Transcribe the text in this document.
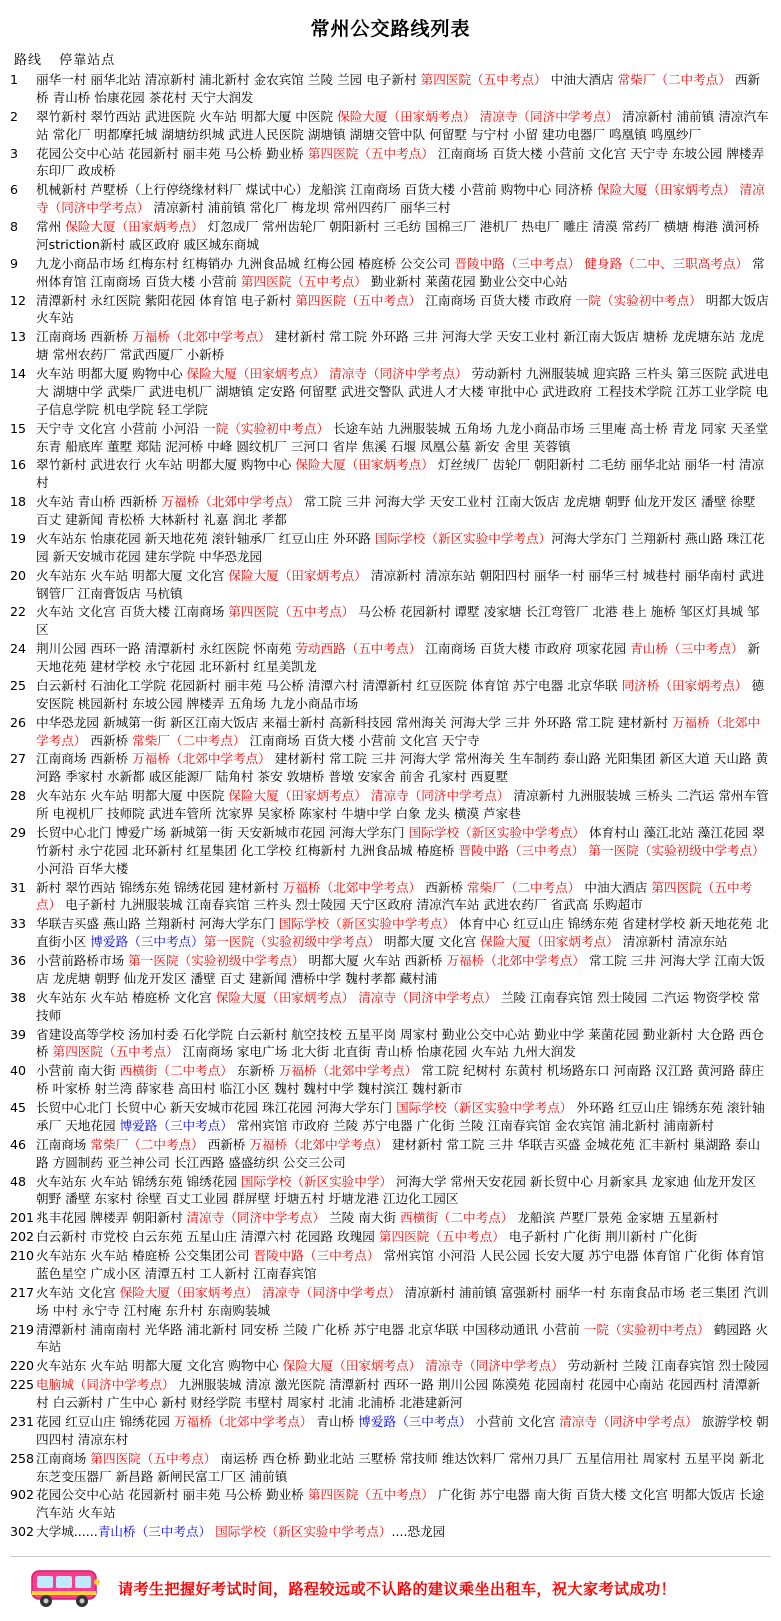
常州公交路线列表
路线 停靠站点
1	丽华一村 丽华北站 清凉新村 浦北新村 金农宾馆 兰陵 兰园 电子新村 第四医院（五中考点） 中油大酒店 常柴厂（二中考点） 西新桥 青山桥 怡康花园 茶花村 天宁大润发
2	翠竹新村 翠竹西站 武进医院 火车站 明都大厦 中医院 保险大厦（田家炳考点） 清凉寺（同济中学考点） 清凉新村 浦前镇 清凉汽车站 常化厂 明都摩托城 湖塘纺织城 武进人民医院 湖塘镇 湖塘交管中队 何留墅 与宁村 小留 建功电器厂 鸣凰镇 鸣凰纱厂
3	花园公交中心站 花园新村 丽丰苑 马公桥 勤业桥 第四医院（五中考点） 江南商场 百货大楼 小营前 文化宫 天宁寺 东坡公园 牌楼弄 东印厂 政成桥
6	机械新村 芦墅桥（上行停绕缘材料厂 煤试中心）龙船滨 江南商场 百货大楼 小营前 购物中心 同济桥 保险大厦（田家炳考点） 清凉寺（同济中学考点） 清凉新村 浦前镇 常化厂 梅龙坝 常州四药厂 丽华三村
8	常州 保险大厦（田家炳考点） 灯忽成厂 常州齿轮厂 朝阳新村 三毛纺 国棉三厂 港机厂 热电厂 雕庄 清漠 常药厂 横塘 梅港 潢河桥 河striction新村 戚区政府 戚区城东商城
9	九龙小商品市场 红梅东村 红梅销办 九洲食品城 红梅公园 椿庭桥 公交公司 晋陵中路（三中考点） 健身路（二中、三职高考点） 常州体育馆 江南商场 百货大楼 小营前 第四医院（五中考点） 勤业新村 莱菌花园 勤业公交中心站
12	清潭新村 永红医院 紫阳花园 体育馆 电子新村 第四医院（五中考点） 江南商场 百货大楼 市政府 一院（实验初中考点） 明都大饭店 火车站
13	江南商场 西新桥 万福桥（北郊中学考点） 建材新村 常工院 外环路 三井 河海大学 天安工业村 新江南大饭店 塘桥 龙虎塘东站 龙虎塘 常州农药厂 常武西厦厂 小新桥
14	火车站 明都大厦 购物中心 保险大厦（田家炳考点） 清凉寺（同济中学考点） 劳动新村 九洲服装城 迎宾路 三杵头 第三医院 武进电大 湖塘中学 武柴厂 武进电机厂 湖塘镇 定安路 何留墅 武进交警队 武进人才大楼 审批中心 武进政府 工程技术学院 江苏工业学院 电子信息学院 机电学院 轻工学院
15	天宁寺 文化宫 小营前 小河沿 一院（实验初中考点） 长途车站 九洲服装城 五角场 九龙小商品市场 三里庵 高士桥 青龙 同家 天圣堂 东青 船底库 董墅 郑陆 泥河桥 中峰 圆纹机厂 三河口 省岸 焦溪 石堰 凤凰公墓 新安 舍里 芙蓉镇
16	翠竹新村 武进农行 火车站 明都大厦 购物中心 保险大厦（田家炳考点） 灯丝绒厂 齿轮厂 朝阳新村 二毛纺 丽华北站 丽华一村 清凉村
18	火车站 青山桥 西新桥 万福桥（北郊中学考点） 常工院 三井 河海大学 天安工业村 江南大饭店 龙虎塘 朝野 仙龙开发区 潘壁 徐墅 百丈 建新闻 青松桥 大林新村 礼嘉 润北 孝都
19	火车站东 怡康花园 新天地花苑 滚针轴承厂 红豆山庄 外环路 国际学校（新区实验中学考点）河海大学东门 兰翔新村 燕山路 珠江花园 新天安城市花园 建东学院 中华恐龙园
20	火车站东 火车站 明都大厦 文化宫 保险大厦（田家炳考点） 清凉新村 清凉东站 朝阳四村 丽华一村 丽华三村 城巷村 丽华南村 武进钢管厂 江南膏饭店 马杭镇
22	火车站 文化宫 百货大楼 江南商场 第四医院（五中考点） 马公桥 花园新村 谭墅 凌家塘 长江弯管厂 北港 巷上 施桥 邹区灯具城 邹区
24	荆川公园 西环一路 清潭新村 永红医院 怀南苑 劳动西路（五中考点） 江南商场 百货大楼 市政府 项家花园 青山桥（三中考点） 新天地花苑 建材学校 永宁花园 北环新村 红星美凯龙
25	白云新村 石油化工学院 花园新村 丽丰苑 马公桥 清潭六村 清潭新村 红豆医院 体育馆 苏宁电器 北京华联 同济桥（田家炳考点） 德安医院 桃园新村 东坡公园 牌楼弄 五角场 九龙小商品市场
26	中华恐龙园 新城第一街 新区江南大饭店 来福士新村 高新科技园 常州海关 河海大学 三井 外环路 常工院 建材新村 万福桥（北郊中学考点） 西新桥 常柴厂（二中考点） 江南商场 百货大楼 小营前 文化宫 天宁寺
27	江南商场 西新桥 万福桥（北郊中学考点） 建材新村 常工院 三井 河海大学 常州海关 生车制药 泰山路 光阳集团 新区大道 天山路 黄河路 季家村 水新都 戚区能源厂 陆角村 茶安 敦塘桥 普墩 安家舍 前舍 孔家村 西夏墅
28	火车站东 火车站 明都大厦 中医院 保险大厦（田家炳考点） 清凉寺（同济中学考点） 清凉新村 九洲服装城 三桥头 二汽运 常州车管所 电视机厂 技师院 武进车管所 沈家界 吴家桥 陈家村 牛塘中学 白象 龙头 横漠 芦家巷
29	长贸中心北门 博爱广场 新城第一街 天安新城市花园 河海大学东门 国际学校（新区实验中学考点） 体育村山 藻江北站 藻江花园 翠竹新村 永宁花园 北环新村 红星集团 化工学校 红梅新村 九洲食品城 椿庭桥 晋陵中路（三中考点） 第一医院（实验初级中学考点） 小河沿 百华大楼
31	新村 翠竹西站 锦绣东苑 锦绣花园 建材新村 万福桥（北郊中学考点） 西新桥 常柴厂（二中考点） 中油大酒店 第四医院（五中考点） 电子新村 九洲服装城 江南春宾馆 三杵头 烈士陵园 天宁区政府 清凉汽车站 武进农药厂 省武高 乐购超市
33	华联吉买盛 燕山路 兰翔新村 河海大学东门 国际学校（新区实验中学考点） 体育中心 红豆山庄 锦绣东苑 省建材学校 新天地花苑 北直街小区 博爱路（三中考点）第一医院（实验初级中学考点） 明都大厦 文化宫 保险大厦（田家炳考点） 清凉新村 清凉东站
36	小营前路桥市场 第一医院（实验初级中学考点） 明都大厦 火车站 西新桥 万福桥（北郊中学考点） 常工院 三井 河海大学 江南大饭店 龙虎塘 朝野 仙龙开发区 潘壁 百丈 建新闻 漕桥中学 魏村孝都 藏村浦
38	火车站东 火车站 椿庭桥 文化宫 保险大厦（田家炳考点） 清凉寺（同济中学考点） 兰陵 江南春宾馆 烈士陵园 二汽运 物资学校 常技师
39	省建设高等学校 汤加村委 石化学院 白云新村 航空技校 五星平岗 周家村 勤业公交中心站 勤业中学 莱菌花园 勤业新村 大仓路 西仓桥 第四医院（五中考点） 江南商场 家电广场 北大街 北直街 青山桥 怡康花园 火车站 九州大润发
40	小营前 南大街 西横街（二中考点） 东新桥 万福桥（北郊中学考点） 常工院 纪树村 东黄村 机场路东口 河南路 汉江路 黄河路 薛庄桥 叶家桥 射兰湾 薛家巷 高田村 临江小区 魏村 魏村中学 魏村滨江 魏村新市
45	长贸中心北门 长贸中心 新天安城市花园 珠江花园 河海大学东门 国际学校（新区实验中学考点） 外环路 红豆山庄 锦绣东苑 滚针轴承厂 天地花园 博爱路（三中考点） 常州宾馆 市政府 兰陵 苏宁电器 广化街 兰陵 江南春宾馆 金农宾馆 浦北新村 浦南新村
46	江南商场 常柴厂（二中考点） 西新桥 万福桥（北郊中学考点） 建材新村 常工院 三井 华联吉买盛 金城花苑 汇丰新村 巢湖路 泰山路 方圆制药 亚兰神公司 长江西路 盛盛纺织 公交三公司
48	火车站东 火车站 锦绣东苑 锦绣花园 国际学校（新区实验中学） 河海大学 常州天安花园 新长贸中心 月新家具 龙家迪 仙龙开发区 朝野 潘壁 东家村 徐壁 百丈工业园 群屏壁 圩塘五村 圩塘龙港 江边化工园区
201	兆丰花园 牌楼弄 朝阳新村 清凉寺（同济中学考点） 兰陵 南大街 西横街（二中考点） 龙船滨 芦墅厂景苑 金家塘 五星新村
202	白云新村 市党校 白云东苑 五星山庄 清潭六村 花园路 玫瑰园 第四医院（五中考点） 电子新村 广化街 荆川新村 广化街
210	火车站东 火车站 椿庭桥 公交集团公司 晋陵中路（三中考点） 常州宾馆 小河沿 人民公园 长安大厦 苏宁电器 体育馆 广化街 体育馆 蓝色星空 广成小区 清潭五村 工人新村 江南春宾馆
217	火车站 文化宫 保险大厦（田家炳考点） 清凉寺（同济中学考点） 清凉新村 浦前镇 富强新村 丽华一村 东南食品市场 老三集团 汽训场 中村 永宁寺 江村庵 东升村 东南购装城
219	清潭新村 浦南南村 光华路 浦北新村 同安桥 兰陵 广化桥 苏宁电器 北京华联 中国移动通讯 小营前 一院（实验初中考点） 鹤园路 火车站
220	火车站东 火车站 明都大厦 文化宫 购物中心 保险大厦（田家炳考点） 清凉寺（同济中学考点） 劳动新村 兰陵 江南春宾馆 烈士陵园
225	电脑城（同济中学考点） 九洲服装城 清凉 激光医院 清潭新村 西环一路 荆川公园 陈漠苑 花园南村 花园中心南站 花园西村 清潭新村 白云新村 广生中心 新村 财经学院 韦壁村 周家村 北浦 北浦桥 北港建新河
231	花园 红豆山庄 锦绣花园 万福桥（北郊中学考点） 青山桥 博爱路（三中考点） 小营前 文化宫 清凉寺（同济中学考点） 旅游学校 朝四四村 清凉东村
258	江南商场 第四医院（五中考点） 南运桥 西仓桥 勤业北站 三墅桥 常技师 维达饮料厂 常州刀具厂 五星信用社 周家村 五星平岗 新北 东芝变压器厂 新昌路 新闸民富工厂区 浦前镇
902	花园公交中心站 花园新村 丽丰苑 马公桥 勤业桥 第四医院（五中考点） 广化街 苏宁电器 南大街 百货大楼 文化宫 明都大饭店 长途汽车站 火车站
302	大学城......青山桥（三中考点） 国际学校（新区实验中学考点）....恐龙园
请考生把握好考试时间，路程较远或不认路的建议乘坐出租车，祝大家考试成功！
